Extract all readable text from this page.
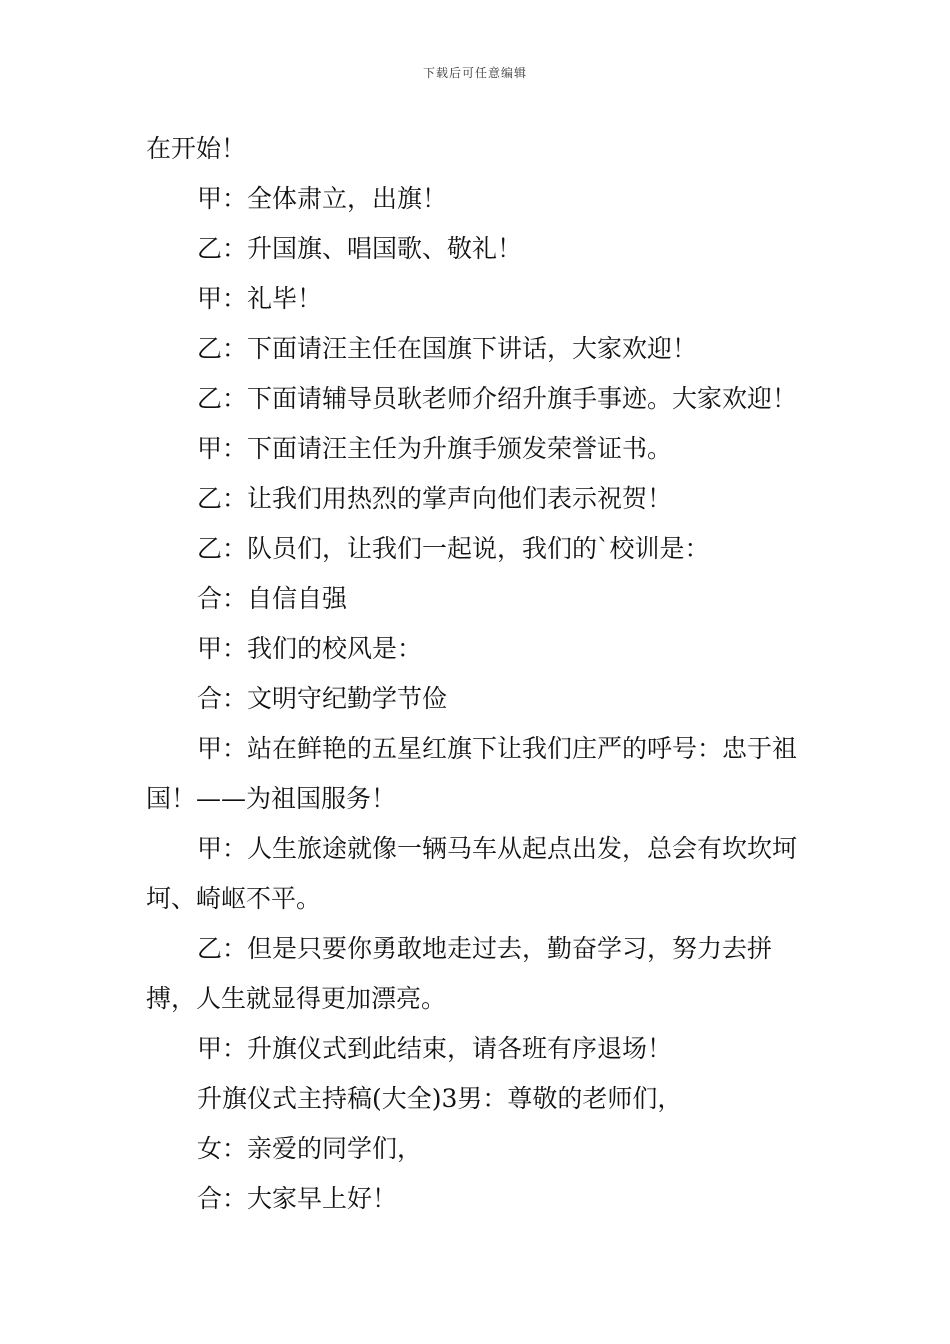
下载后可任意编辑

在开始！

甲：全体肃立，出旗！

乙：升国旗、唱国歌、敬礼！

甲：礼毕！

乙：下面请汪主任在国旗下讲话，大家欢迎！

乙：下面请辅导员耿老师介绍升旗手事迹。大家欢迎！

甲：下面请汪主任为升旗手颁发荣誉证书。

乙：让我们用热烈的掌声向他们表示祝贺！

乙：队员们，让我们一起说，我们的`校训是：

合：自信自强

甲：我们的校风是：

合：文明守纪勤学节俭

甲：站在鲜艳的五星红旗下让我们庄严的呼号：忠于祖国！——为祖国服务！

甲：人生旅途就像一辆马车从起点出发，总会有坎坎坷坷、崎岖不平。

乙：但是只要你勇敢地走过去，勤奋学习，努力去拼搏，人生就显得更加漂亮。

甲：升旗仪式到此结束，请各班有序退场！

升旗仪式主持稿(大全)3男：尊敬的老师们，

女：亲爱的同学们，

合：大家早上好！
